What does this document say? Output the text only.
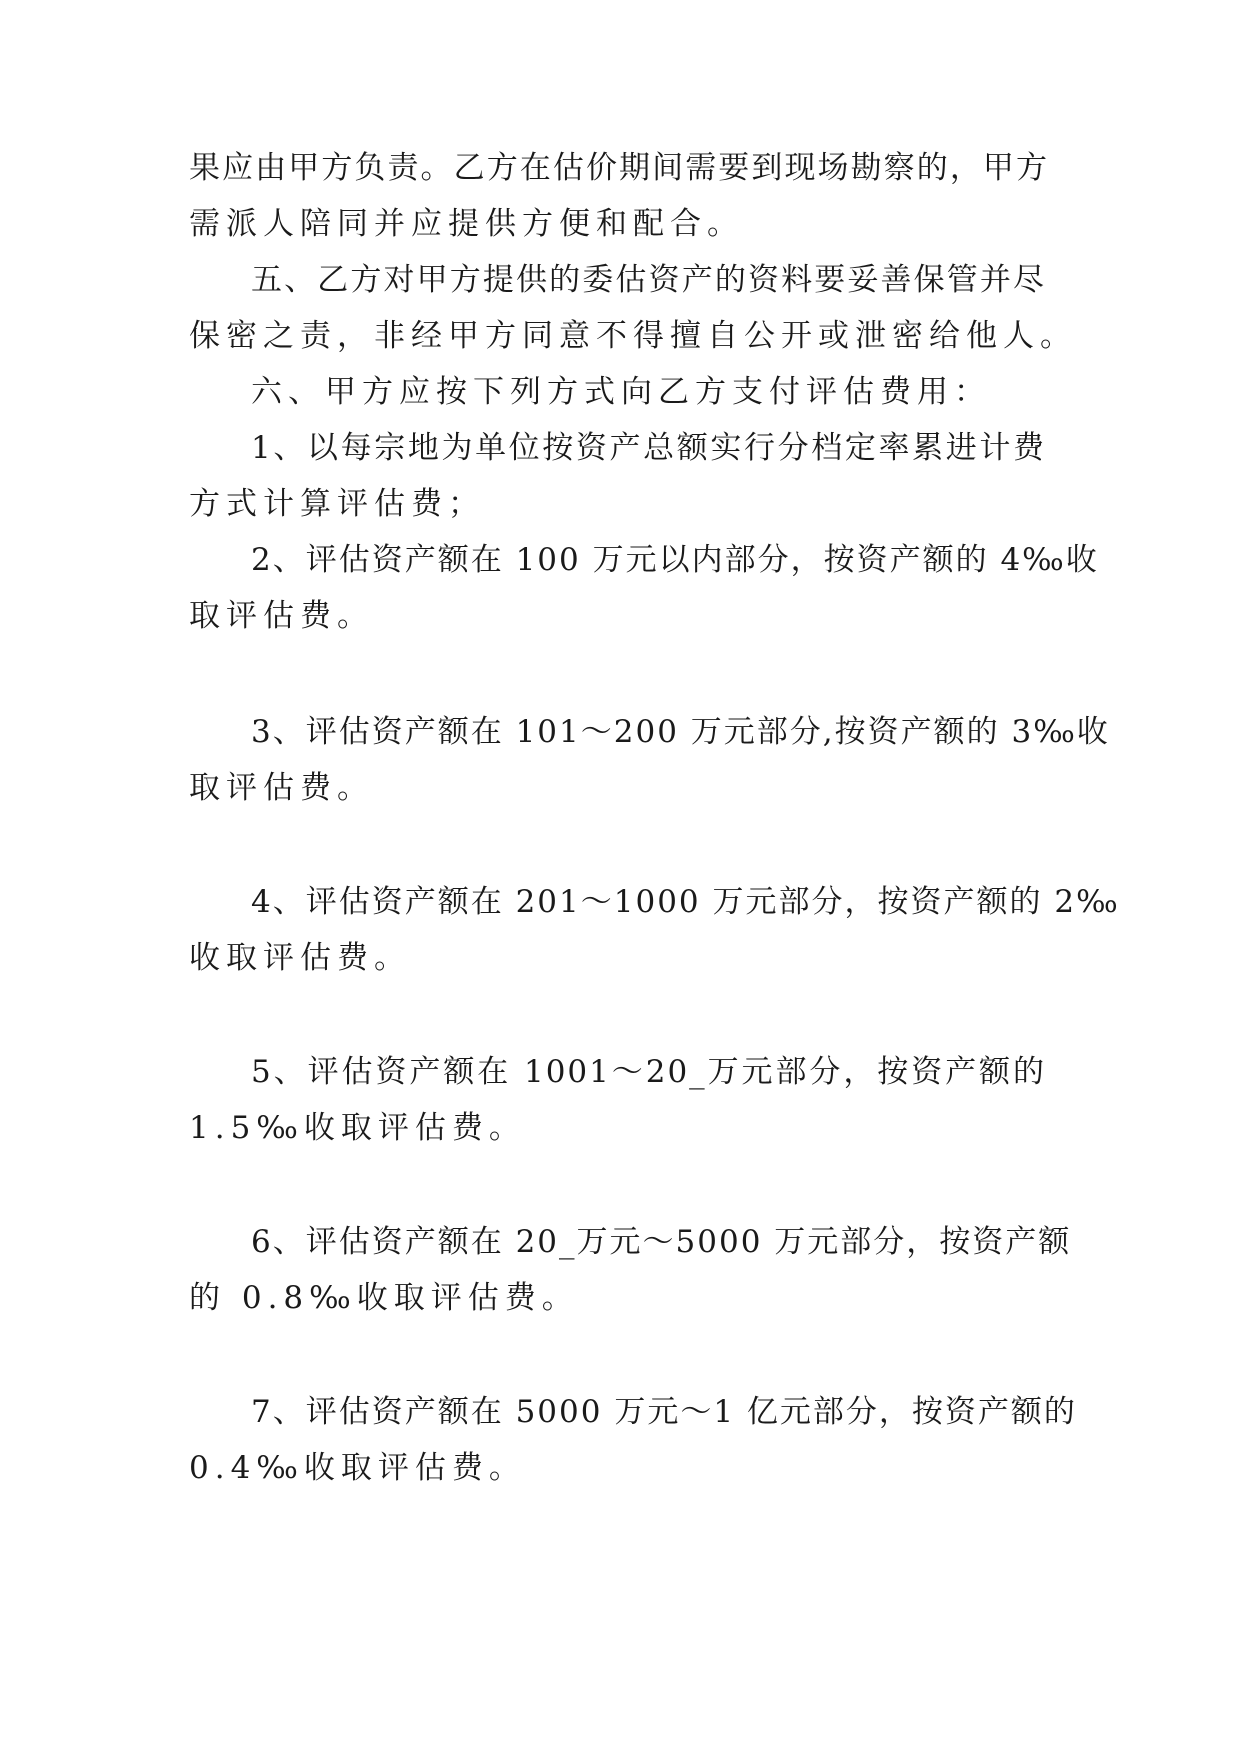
果应由甲方负责。乙方在估价期间需要到现场勘察的，甲方
需派人陪同并应提供方便和配合。
五、乙方对甲方提供的委估资产的资料要妥善保管并尽
保密之责，非经甲方同意不得擅自公开或泄密给他人。
六、甲方应按下列方式向乙方支付评估费用：
1、以每宗地为单位按资产总额实行分档定率累进计费
方式计算评估费；
2、评估资产额在 100 万元以内部分，按资产额的 4‰收
取评估费。
3、评估资产额在 101～200 万元部分,按资产额的 3‰收
取评估费。
4、评估资产额在 201～1000 万元部分，按资产额的 2‰
收取评估费。
5、评估资产额在 1001～20_万元部分，按资产额的
1.5‰收取评估费。
6、评估资产额在 20_万元～5000 万元部分，按资产额
的 0.8‰收取评估费。
7、评估资产额在 5000 万元～1 亿元部分，按资产额的
0.4‰收取评估费。
